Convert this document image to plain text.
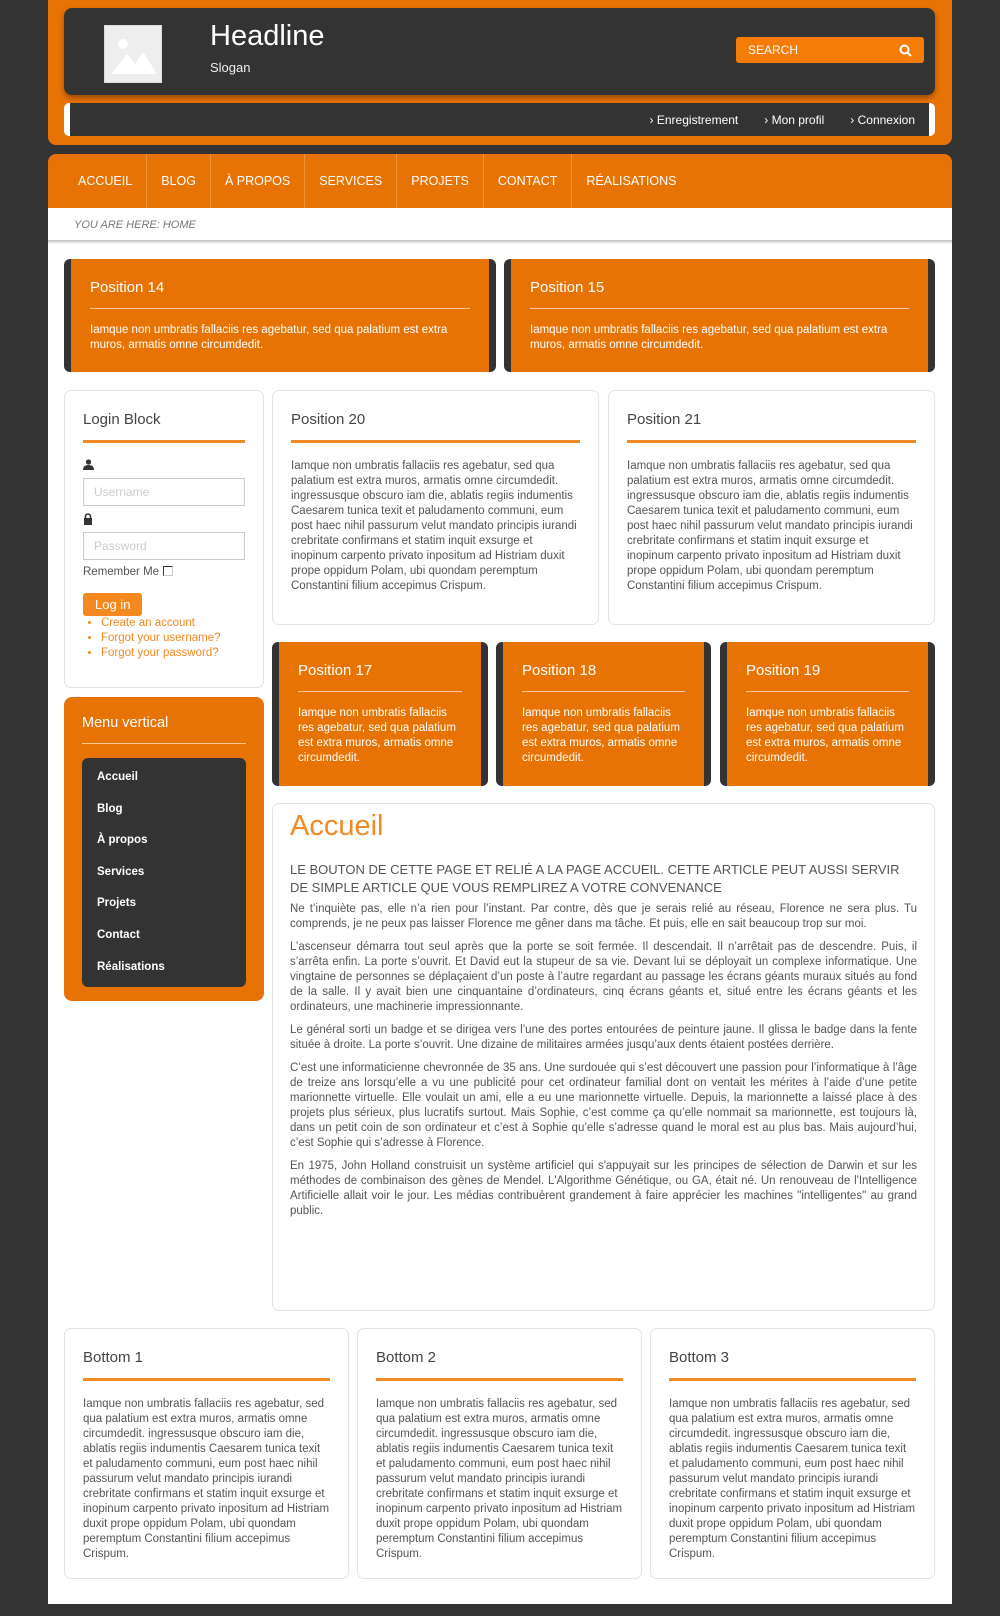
Headline
Slogan
SEARCH
› Enregistrement › Mon profil › Connexion
ACCUEIL	BLOG	À PROPOS	SERVICES	PROJETS	CONTACT	RÉALISATIONS
YOU ARE HERE: HOME
Position 14

Iamque non umbratis fallaciis res agebatur, sed qua palatium est extra muros, armatis omne circumdedit.

Position 15

Iamque non umbratis fallaciis res agebatur, sed qua palatium est extra muros, armatis omne circumdedit.

Login Block
Username
Password
Remember Me
Log in
• Create an account
• Forgot your username?
• Forgot your password?
Menu vertical
Accueil
Blog
À propos
Services
Projets
Contact
Réalisations
Position 20

Iamque non umbratis fallaciis res agebatur, sed qua palatium est extra muros, armatis omne circumdedit. ingressusque obscuro iam die, ablatis regiis indumentis Caesarem tunica texit et paludamento communi, eum post haec nihil passurum velut mandato principis iurandi crebritate confirmans et statim inquit exsurge et inopinum carpento privato inpositum ad Histriam duxit prope oppidum Polam, ubi quondam peremptum Constantini filium accepimus Crispum.

Position 21

Iamque non umbratis fallaciis res agebatur, sed qua palatium est extra muros, armatis omne circumdedit. ingressusque obscuro iam die, ablatis regiis indumentis Caesarem tunica texit et paludamento communi, eum post haec nihil passurum velut mandato principis iurandi crebritate confirmans et statim inquit exsurge et inopinum carpento privato inpositum ad Histriam duxit prope oppidum Polam, ubi quondam peremptum Constantini filium accepimus Crispum.

Position 17

Iamque non umbratis fallaciis res agebatur, sed qua palatium est extra muros, armatis omne circumdedit.

Position 18

Iamque non umbratis fallaciis res agebatur, sed qua palatium est extra muros, armatis omne circumdedit.

Position 19

Iamque non umbratis fallaciis res agebatur, sed qua palatium est extra muros, armatis omne circumdedit.

Accueil
LE BOUTON DE CETTE PAGE ET RELIÉ A LA PAGE ACCUEIL. CETTE ARTICLE PEUT AUSSI SERVIR DE SIMPLE ARTICLE QUE VOUS REMPLIREZ A VOTRE CONVENANCE

Ne t’inquiète pas, elle n’a rien pour l’instant. Par contre, dès que je serais relié au réseau, Florence ne sera plus. Tu comprends, je ne peux pas laisser Florence me gêner dans ma tâche. Et puis, elle en sait beaucoup trop sur moi.

L’ascenseur démarra tout seul après que la porte se soit fermée. Il descendait. Il n’arrêtait pas de descendre. Puis, il s’arrêta enfin. La porte s’ouvrit. Et David eut la stupeur de sa vie. Devant lui se déployait un complexe informatique. Une vingtaine de personnes se déplaçaient d’un poste à l’autre regardant au passage les écrans géants muraux situés au fond de la salle. Il y avait bien une cinquantaine d’ordinateurs, cinq écrans géants et, situé entre les écrans géants et les ordinateurs, une machinerie impressionnante.

Le général sorti un badge et se dirigea vers l’une des portes entourées de peinture jaune. Il glissa le badge dans la fente située à droite. La porte s’ouvrit. Une dizaine de militaires armées jusqu’aux dents étaient postées derrière.

C’est une informaticienne chevronnée de 35 ans. Une surdouée qui s’est découvert une passion pour l’informatique à l’âge de treize ans lorsqu’elle a vu une publicité pour cet ordinateur familial dont on ventait les mérites à l’aide d’une petite marionnette virtuelle. Elle voulait un ami, elle a eu une marionnette virtuelle. Depuis, la marionnette a laissé place à des projets plus sérieux, plus lucratifs surtout. Mais Sophie, c’est comme ça qu’elle nommait sa marionnette, est toujours là, dans un petit coin de son ordinateur et c’est à Sophie qu’elle s’adresse quand le moral est au plus bas. Mais aujourd’hui, c’est Sophie qui s’adresse à Florence.

En 1975, John Holland construisit un système artificiel qui s'appuyait sur les principes de sélection de Darwin et sur les méthodes de combinaison des gènes de Mendel. L'Algorithme Génétique, ou GA, était né. Un renouveau de l'Intelligence Artificielle allait voir le jour. Les médias contribuèrent grandement à faire apprécier les machines "intelligentes" au grand public.

Bottom 1

Iamque non umbratis fallaciis res agebatur, sed qua palatium est extra muros, armatis omne circumdedit. ingressusque obscuro iam die, ablatis regiis indumentis Caesarem tunica texit et paludamento communi, eum post haec nihil passurum velut mandato principis iurandi crebritate confirmans et statim inquit exsurge et inopinum carpento privato inpositum ad Histriam duxit prope oppidum Polam, ubi quondam peremptum Constantini filium accepimus Crispum.

Bottom 2

Iamque non umbratis fallaciis res agebatur, sed qua palatium est extra muros, armatis omne circumdedit. ingressusque obscuro iam die, ablatis regiis indumentis Caesarem tunica texit et paludamento communi, eum post haec nihil passurum velut mandato principis iurandi crebritate confirmans et statim inquit exsurge et inopinum carpento privato inpositum ad Histriam duxit prope oppidum Polam, ubi quondam peremptum Constantini filium accepimus Crispum.

Bottom 3

Iamque non umbratis fallaciis res agebatur, sed qua palatium est extra muros, armatis omne circumdedit. ingressusque obscuro iam die, ablatis regiis indumentis Caesarem tunica texit et paludamento communi, eum post haec nihil passurum velut mandato principis iurandi crebritate confirmans et statim inquit exsurge et inopinum carpento privato inpositum ad Histriam duxit prope oppidum Polam, ubi quondam peremptum Constantini filium accepimus Crispum.
